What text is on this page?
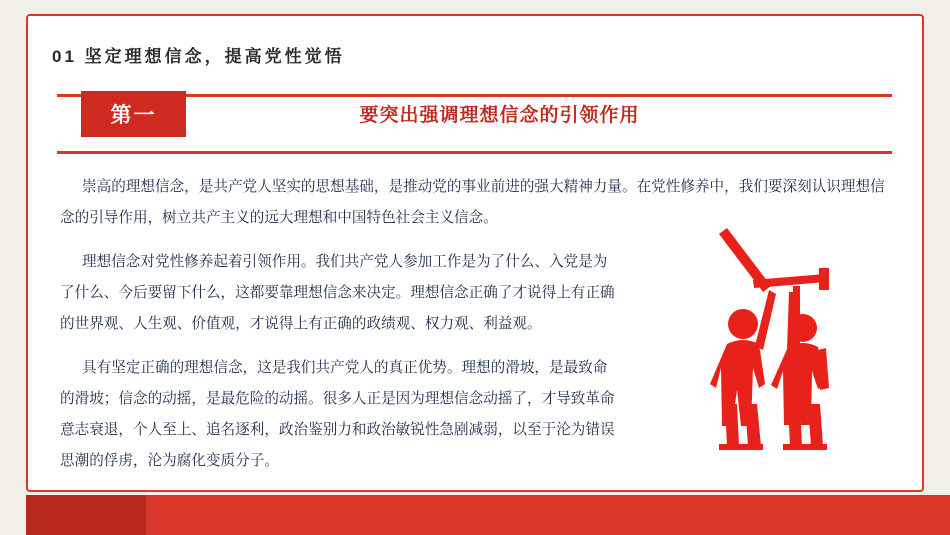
01 坚定理想信念，提高党性觉悟
要突出强调理想信念的引领作用
第一
崇高的理想信念，是共产党人坚实的思想基础，是推动党的事业前进的强大精神力量。在党性修养中，我们要深刻认识理想信念的引导作用，树立共产主义的远大理想和中国特色社会主义信念。
理想信念对党性修养起着引领作用。我们共产党人参加工作是为了什么、入党是为了什么、今后要留下什么，这都要靠理想信念来决定。理想信念正确了才说得上有正确的世界观、人生观、价值观，才说得上有正确的政绩观、权力观、利益观。
具有坚定正确的理想信念，这是我们共产党人的真正优势。理想的滑坡，是最致命的滑坡；信念的动摇，是最危险的动摇。很多人正是因为理想信念动摇了，才导致革命意志衰退，个人至上、追名逐利，政治鉴别力和政治敏锐性急剧减弱，以至于沦为错误思潮的俘虏，沦为腐化变质分子。
